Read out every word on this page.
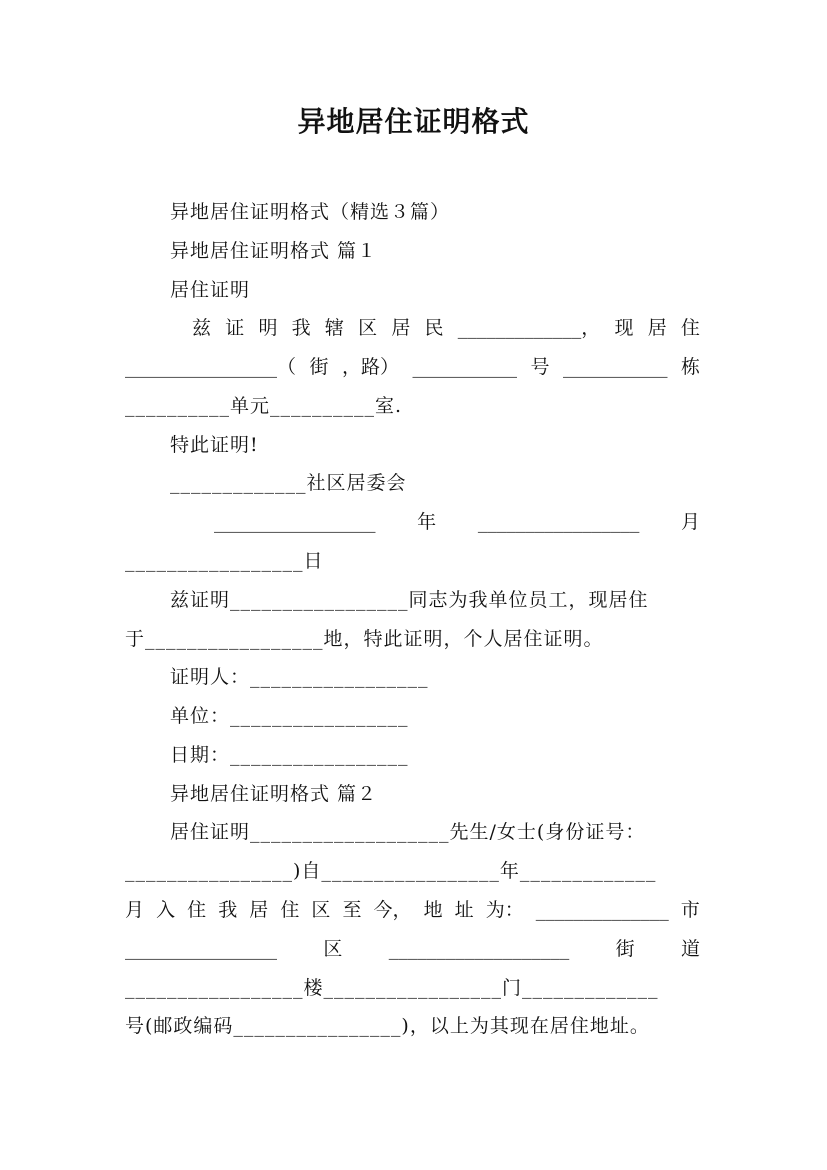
异地居住证明格式
异地居住证明格式（精选３篇）
异地居住证明格式 篇１
居住证明
兹 证 明 我 辖 区 居 民 _____________， 现 居 住
________________（ 街 ，路） ___________ 号 ___________ 栋
__________单元__________室.
特此证明!
_____________社区居委会
_________________ 年 _________________ 月
_________________日
兹证明_________________同志为我单位员工，现居住
于_________________地，特此证明，个人居住证明。
证明人：_________________
单位：_________________
日期：_________________
异地居住证明格式 篇２
居住证明___________________先生/女士(身份证号：
________________)自_________________年_____________
月 入 住 我 居 住 区 至 今， 地 址 为： ______________ 市
________________ 区 ___________________ 街 道
_________________楼_________________门_____________
号(邮政编码________________)，以上为其现在居住地址。
